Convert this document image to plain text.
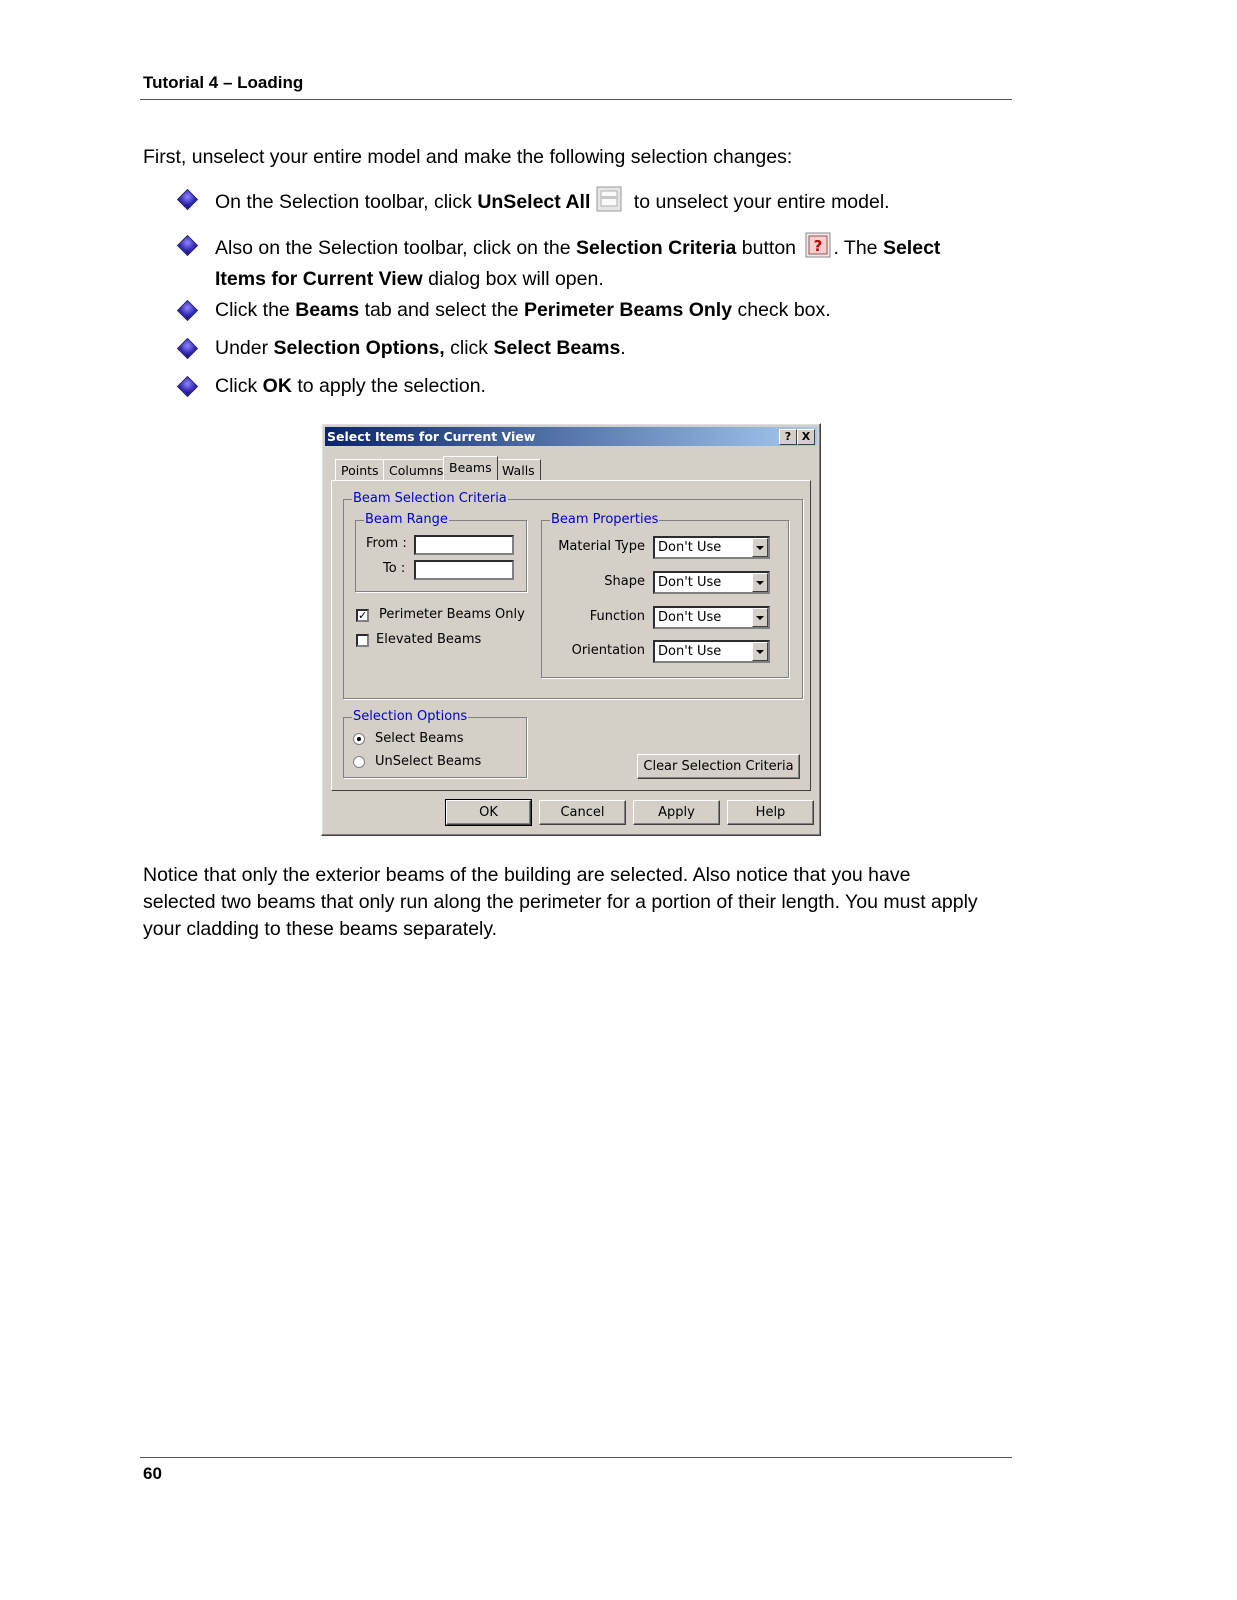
Tutorial 4 – Loading
First, unselect your entire model and make the following selection changes:
On the Selection toolbar, click UnSelect All to unselect your entire model.
Also on the Selection toolbar, click on the Selection Criteria button ? . The Select Items for Current View dialog box will open.
Click the Beams tab and select the Perimeter Beams Only check box.
Under Selection Options, click Select Beams.
Click OK to apply the selection.
Select Items for Current View	? X
Points Columns Beams Walls
Beam Selection Criteria
Beam Range
From :
To :
✓ Perimeter Beams Only
Elevated Beams
Beam Properties
Material Type Don't Use
Shape Don't Use
Function Don't Use
Orientation Don't Use
Selection Options
Select Beams
UnSelect Beams	Clear Selection Criteria
OK	Cancel	Apply	Help
Notice that only the exterior beams of the building are selected. Also notice that you have selected two beams that only run along the perimeter for a portion of their length. You must apply your cladding to these beams separately.
60
